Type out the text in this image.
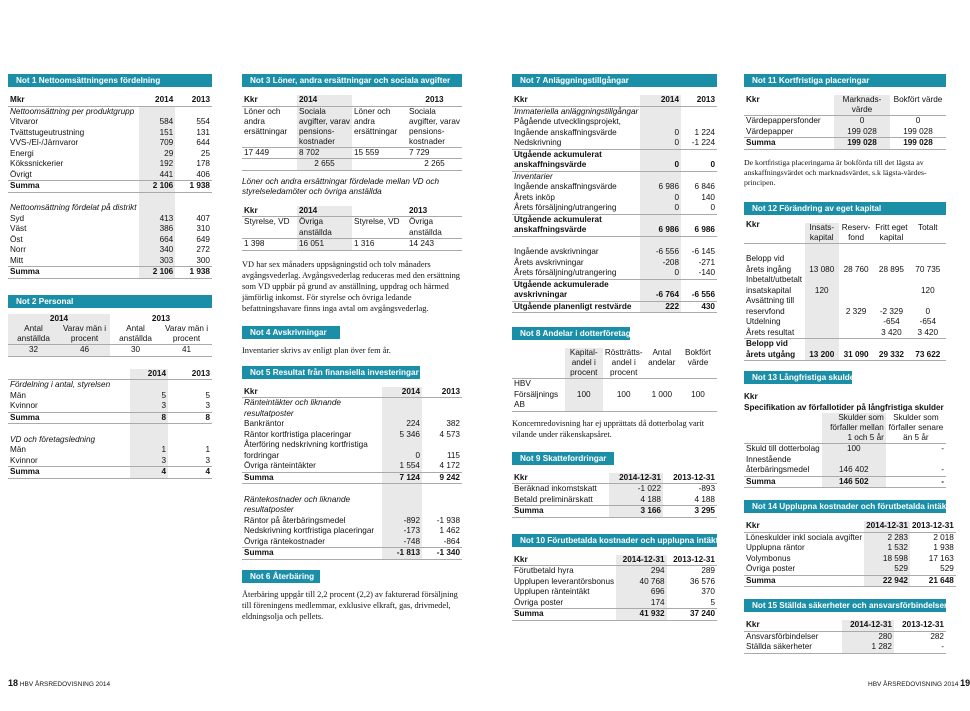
Not 1 Nettoomsättningens fördelning
Mkr	2014	2013
Nettoomsättning per produktgrupp		
Vitvaror	584	554
Tvättstugeutrustning	151	131
VVS-/El-/Järnvaror	709	644
Energi	29	25
Kökssnickerier	192	178
Övrigt	441	406
Summa	2 106	1 938

Nettoomsättning fördelat på distrikt		
Syd	413	407
Väst	386	310
Öst	664	649
Norr	340	272
Mitt	303	300
Summa	2 106	1 938
Not 2 Personal
2014		2013	
Antal anställda	Varav män i procent	Antal anställda	Varav män i procent
32	46	30	41
	2014	2013
Fördelning i antal, styrelsen		
Män	5	5
Kvinnor	3	3
Summa	8	8

VD och företagsledning		
Män	1	1
Kvinnor	3	3
Summa	4	4
Not 3 Löner, andra ersättningar och sociala avgifter
Kkr	2014		2013
Löner och andra ersättningar	Sociala avgifter, varav pensions- kostnader	Löner och andra ersättningar	Sociala avgifter, varav pensions- kostnader
17 449	8 702	15 559	7 729
	2 655		2 265
Löner och andra ersättningar fördelade mellan VD och styrelseledamöter och övriga anställda
Kkr	2014		2013
Styrelse, VD	Övriga anställda	Styrelse, VD	Övriga anställda
1 398	16 051	1 316	14 243
VD har sex månaders uppsägningstid och tolv månaders avgångsvederlag. Avgångsvederlag reduceras med den ersättning som VD uppbär på grund av anställning, uppdrag och härmed jämförlig inkomst. För styrelse och övriga ledande befattningshavare finns inga avtal om avgångsvederlag.
Not 4 Avskrivningar
Inventarier skrivs av enligt plan över fem år.
Not 5 Resultat från finansiella investeringar
Kkr	2014	2013
Ränteintäkter och liknande resultatposter		
Bankräntor	224	382
Räntor kortfristiga placeringar	5 346	4 573
Återföring nedskrivning kortfristiga fordringar	0	115
Övriga ränteintäkter	1 554	4 172
Summa	7 124	9 242

Räntekostnader och liknande resultatposter		
Räntor på återbäringsmedel	-892	-1 938
Nedskrivning kortfristiga placeringar	-173	1 462
Övriga räntekostnader	-748	-864
Summa	-1 813	-1 340
Not 6 Återbäring
Återbäring uppgår till 2,2 procent (2,2) av fakturerad försäljning till föreningens medlemmar, exklusive elkraft, gas, drivmedel, eldningsolja och pellets.
Not 7 Anläggningstillgångar
Kkr	2014	2013
Immateriella anläggningstillgångar		
Pågående utvecklingsprojekt,		
Ingående anskaffningsvärde	0	1 224
Nedskrivning	0	-1 224
Utgående ackumulerat anskaffningsvärde	0	0
Inventarier		
Ingående anskaffningsvärde	6 986	6 846
Årets inköp	0	140
Årets försäljning/utrangering	0	0
Utgående ackumulerat anskaffningsvärde	6 986	6 986

Ingående avskrivningar	-6 556	-6 145
Årets avskrivningar	-208	-271
Årets försäljning/utrangering	0	-140
Utgående ackumulerade avskrivningar	-6 764	-6 556
Utgående planenligt restvärde	222	430
Not 8 Andelar i dotterföretag
	Kapital-andel i procent	Röstträtts-andel i procent	Antal andelar	Bokfört värde
HBV Försäljnings AB	100	100	1 000	100
Koncernredovisning har ej upprättats då dotterbolag varit vilande under räkenskapsåret.
Not 9 Skattefordringar
Kkr	2014-12-31	2013-12-31
Beräknad inkomstskatt	-1 022	-893
Betald preliminärskatt	4 188	4 188
Summa	3 166	3 295
Not 10 Förutbetalda kostnader och upplupna intäkter
Kkr	2014-12-31	2013-12-31
Förutbetald hyra	294	289
Upplupen leverantörsbonus	40 768	36 576
Upplupen ränteintäkt	696	370
Övriga poster	174	5
Summa	41 932	37 240
Not 11 Kortfristiga placeringar
Kkr	Marknads-värde	Bokfört värde
Värdepappersfonder	0	0
Värdepapper	199 028	199 028
Summa	199 028	199 028
De kortfristiga placeringarna är bokförda till det lägsta av anskaffningsvärdet och marknadsvärdet, s.k lägsta-värdes-principen.
Not 12 Förändring av eget kapital
	Insats-kapital	Reserv-fond	Fritt eget kapital	Totalt
Kkr				
Belopp vid årets ingång	13 080	28 760	28 895	70 735
Inbetalt/utbetalt insatskapital	120			120
Avsättning till reservfond		2 329	-2 329	0
Utdelning			-654	-654
Årets resultat			3 420	3 420
Belopp vid årets utgång	13 200	31 090	29 332	73 622
Not 13 Långfristiga skulder
Kkr
Specifikation av förfallotider på långfristiga skulder
	Skulder som förfaller mellan 1 och 5 år	Skulder som förfaller senare än 5 år
Skuld till dotterbolag	100	-
Innestående återbäringsmedel	146 402	-
Summa	146 502	-
Not 14 Upplupna kostnader och förutbetalda intäkter
Kkr	2014-12-31	2013-12-31
Löneskulder inkl sociala avgifter	2 283	2 018
Upplupna räntor	1 532	1 938
Volymbonus	18 598	17 163
Övriga poster	529	529
Summa	22 942	21 648
Not 15 Ställda säkerheter och ansvarsförbindelser
Kkr	2014-12-31	2013-12-31
Ansvarsförbindelser	280	282
Ställda säkerheter	1 282	-
18 HBV ÅRSREDOVISNING 2014	HBV ÅRSREDOVISNING 2014 19
